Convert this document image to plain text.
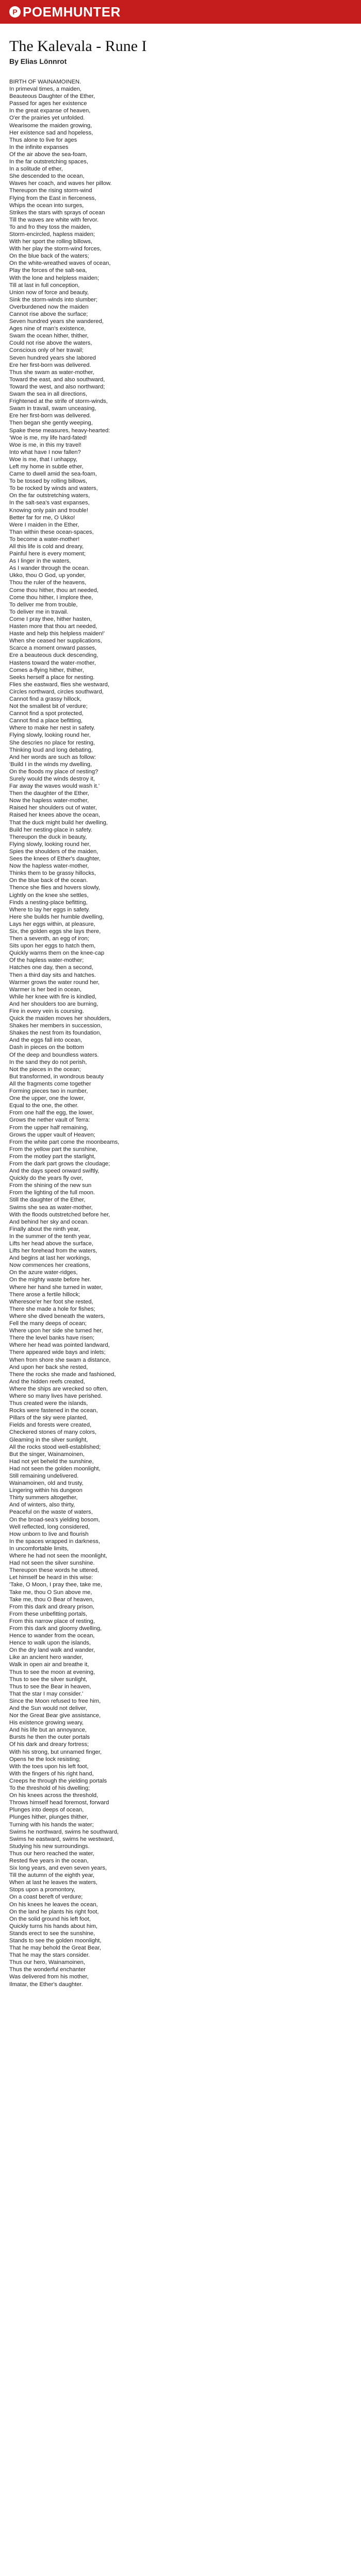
P POEMHUNTER
The Kalevala - Rune I
By Elias Lönnrot
BIRTH OF WAINAMOINEN.
In primeval times, a maiden,
Beauteous Daughter of the Ether,
Passed for ages her existence
In the great expanse of heaven,
O'er the prairies yet unfolded.
Wearisome the maiden growing,
Her existence sad and hopeless,
Thus alone to live for ages
In the infinite expanses
Of the air above the sea-foam,
In the far outstretching spaces,
In a solitude of ether,
She descended to the ocean,
Waves her coach, and waves her pillow.
Thereupon the rising storm-wind
Flying from the East in fierceness,
Whips the ocean into surges,
Strikes the stars with sprays of ocean
Till the waves are white with fervor.
To and fro they toss the maiden,
Storm-encircled, hapless maiden;
With her sport the rolling billows,
With her play the storm-wind forces,
On the blue back of the waters;
On the white-wreathed waves of ocean,
Play the forces of the salt-sea,
With the lone and helpless maiden;
Till at last in full conception,
Union now of force and beauty,
Sink the storm-winds into slumber;
Overburdened now the maiden
Cannot rise above the surface;
Seven hundred years she wandered,
Ages nine of man's existence,
Swam the ocean hither, thither,
Could not rise above the waters,
Conscious only of her travail;
Seven hundred years she labored
Ere her first-born was delivered.
Thus she swam as water-mother,
Toward the east, and also southward,
Toward the west, and also northward;
Swam the sea in all directions,
Frightened at the strife of storm-winds,
Swam in travail, swam unceasing,
Ere her first-born was delivered.
Then began she gently weeping,
Spake these measures, heavy-hearted:
'Woe is me, my life hard-fated!
Woe is me, in this my travel!
Into what have I now fallen?
Woe is me, that I unhappy,
Left my home in subtle ether,
Came to dwell amid the sea-foam,
To be tossed by rolling billows,
To be rocked by winds and waters,
On the far outstretching waters,
In the salt-sea's vast expanses,
Knowing only pain and trouble!
Better far for me, O Ukko!
Were I maiden in the Ether,
Than within these ocean-spaces,
To become a water-mother!
All this life is cold and dreary,
Painful here is every moment;
As I linger in the waters,
As I wander through the ocean.
Ukko, thou O God, up yonder,
Thou the ruler of the heavens,
Come thou hither, thou art needed,
Come thou hither, I implore thee,
To deliver me from trouble,
To deliver me in travail.
Come I pray thee, hither hasten,
Hasten more that thou art needed,
Haste and help this helpless maiden!'
When she ceased her supplications,
Scarce a moment onward passes,
Ere a beauteous duck descending,
Hastens toward the water-mother,
Comes a-flying hither, thither,
Seeks herself a place for nesting.
Flies she eastward, flies she westward,
Circles northward, circles southward,
Cannot find a grassy hillock,
Not the smallest bit of verdure;
Cannot find a spot protected,
Cannot find a place befitting,
Where to make her nest in safety.
Flying slowly, looking round her,
She descries no place for resting,
Thinking loud and long debating,
And her words are such as follow:
'Build I in the winds my dwelling,
On the floods my place of nesting?
Surely would the winds destroy it,
Far away the waves would wash it.'
Then the daughter of the Ether,
Now the hapless water-mother,
Raised her shoulders out of water,
Raised her knees above the ocean,
That the duck might build her dwelling,
Build her nesting-place in safety.
Thereupon the duck in beauty,
Flying slowly, looking round her,
Spies the shoulders of the maiden,
Sees the knees of Ether's daughter,
Now the hapless water-mother,
Thinks them to be grassy hillocks,
On the blue back of the ocean.
Thence she flies and hovers slowly,
Lightly on the knee she settles,
Finds a nesting-place befitting,
Where to lay her eggs in safety.
Here she builds her humble dwelling,
Lays her eggs within, at pleasure,
Six, the golden eggs she lays there,
Then a seventh, an egg of iron;
Sits upon her eggs to hatch them,
Quickly warms them on the knee-cap
Of the hapless water-mother;
Hatches one day, then a second,
Then a third day sits and hatches.
Warmer grows the water round her,
Warmer is her bed in ocean,
While her knee with fire is kindled,
And her shoulders too are burning,
Fire in every vein is coursing.
Quick the maiden moves her shoulders,
Shakes her members in succession,
Shakes the nest from its foundation,
And the eggs fall into ocean,
Dash in pieces on the bottom
Of the deep and boundless waters.
In the sand they do not perish,
Not the pieces in the ocean;
But transformed, in wondrous beauty
All the fragments come together
Forming pieces two in number,
One the upper, one the lower,
Equal to the one, the other.
From one half the egg, the lower,
Grows the nether vault of Terra:
From the upper half remaining,
Grows the upper vault of Heaven;
From the white part come the moonbeams,
From the yellow part the sunshine,
From the motley part the starlight,
From the dark part grows the cloudage;
And the days speed onward swiftly,
Quickly do the years fly over,
From the shining of the new sun
From the lighting of the full moon.
Still the daughter of the Ether,
Swims she sea as water-mother,
With the floods outstretched before her,
And behind her sky and ocean.
Finally about the ninth year,
In the summer of the tenth year,
Lifts her head above the surface,
Lifts her forehead from the waters,
And begins at last her workings,
Now commences her creations,
On the azure water-ridges,
On the mighty waste before her.
Where her hand she turned in water,
There arose a fertile hillock;
Wheresoe'er her foot she rested,
There she made a hole for fishes;
Where she dived beneath the waters,
Fell the many deeps of ocean;
Where upon her side she turned her,
There the level banks have risen;
Where her head was pointed landward,
There appeared wide bays and inlets;
When from shore she swam a distance,
And upon her back she rested,
There the rocks she made and fashioned,
And the hidden reefs created,
Where the ships are wrecked so often,
Where so many lives have perished.
Thus created were the islands,
Rocks were fastened in the ocean,
Pillars of the sky were planted,
Fields and forests were created,
Checkered stones of many colors,
Gleaming in the silver sunlight,
All the rocks stood well-established;
But the singer, Wainamoinen,
Had not yet beheld the sunshine,
Had not seen the golden moonlight,
Still remaining undelivered.
Wainamoinen, old and trusty,
Lingering within his dungeon
Thirty summers altogether,
And of winters, also thirty,
Peaceful on the waste of waters,
On the broad-sea's yielding bosom,
Well reflected, long considered,
How unborn to live and flourish
In the spaces wrapped in darkness,
In uncomfortable limits,
Where he had not seen the moonlight,
Had not seen the silver sunshine.
Thereupon these words he uttered,
Let himself be heard in this wise:
'Take, O Moon, I pray thee, take me,
Take me, thou O Sun above me,
Take me, thou O Bear of heaven,
From this dark and dreary prison,
From these unbefitting portals,
From this narrow place of resting,
From this dark and gloomy dwelling,
Hence to wander from the ocean,
Hence to walk upon the islands,
On the dry land walk and wander,
Like an ancient hero wander,
Walk in open air and breathe it,
Thus to see the moon at evening,
Thus to see the silver sunlight,
Thus to see the Bear in heaven,
That the star I may consider.'
Since the Moon refused to free him,
And the Sun would not deliver,
Nor the Great Bear give assistance,
His existence growing weary,
And his life but an annoyance,
Bursts he then the outer portals
Of his dark and dreary fortress;
With his strong, but unnamed finger,
Opens he the lock resisting;
With the toes upon his left foot,
With the fingers of his right hand,
Creeps he through the yielding portals
To the threshold of his dwelling;
On his knees across the threshold,
Throws himself head foremost, forward
Plunges into deeps of ocean,
Plunges hither, plunges thither,
Turning with his hands the water;
Swims he northward, swims he southward,
Swims he eastward, swims he westward,
Studying his new surroundings.
Thus our hero reached the water,
Rested five years in the ocean,
Six long years, and even seven years,
Till the autumn of the eighth year,
When at last he leaves the waters,
Stops upon a promontory,
On a coast bereft of verdure;
On his knees he leaves the ocean,
On the land he plants his right foot,
On the solid ground his left foot,
Quickly turns his hands about him,
Stands erect to see the sunshine,
Stands to see the golden moonlight,
That he may behold the Great Bear,
That he may the stars consider.
Thus our hero, Wainamoinen,
Thus the wonderful enchanter
Was delivered from his mother,
Ilmatar, the Ether's daughter.
